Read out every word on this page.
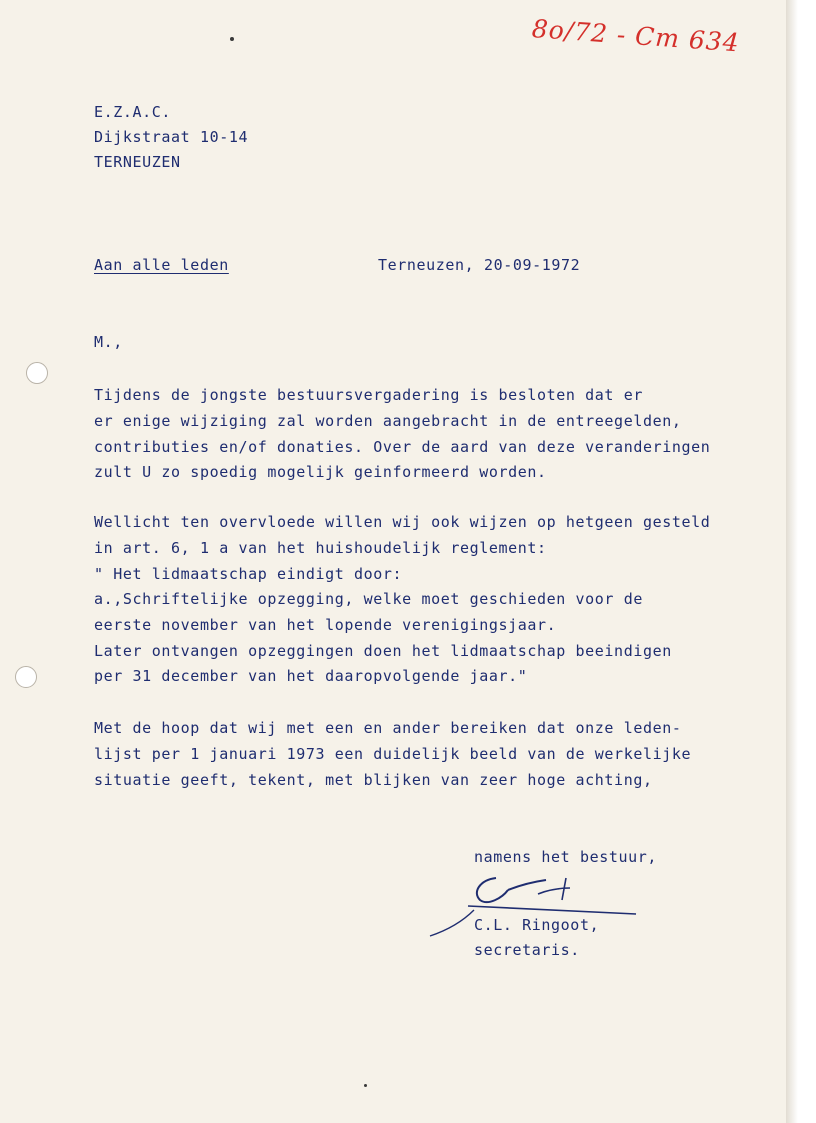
8o/72 - Cm 634
E.Z.A.C.
Dijkstraat 10-14
TERNEUZEN
Aan alle leden	Terneuzen, 20-09-1972
M.,
Tijdens de jongste bestuursvergadering is besloten dat er
er enige wijziging zal worden aangebracht in de entreegelden,
contributies en/of donaties. Over de aard van deze veranderingen
zult U zo spoedig mogelijk geinformeerd worden.
Wellicht ten overvloede willen wij ook wijzen op hetgeen gesteld
in art. 6, 1 a van het huishoudelijk reglement:
" Het lidmaatschap eindigt door:
a.,Schriftelijke opzegging, welke moet geschieden voor de
eerste november van het lopende verenigingsjaar.
Later ontvangen opzeggingen doen het lidmaatschap beeindigen
per 31 december van het daaropvolgende jaar."
Met de hoop dat wij met een en ander bereiken dat onze leden-
lijst per 1 januari 1973 een duidelijk beeld van de werkelijke
situatie geeft, tekent, met blijken van zeer hoge achting,
namens het bestuur,
C.L. Ringoot,
secretaris.
